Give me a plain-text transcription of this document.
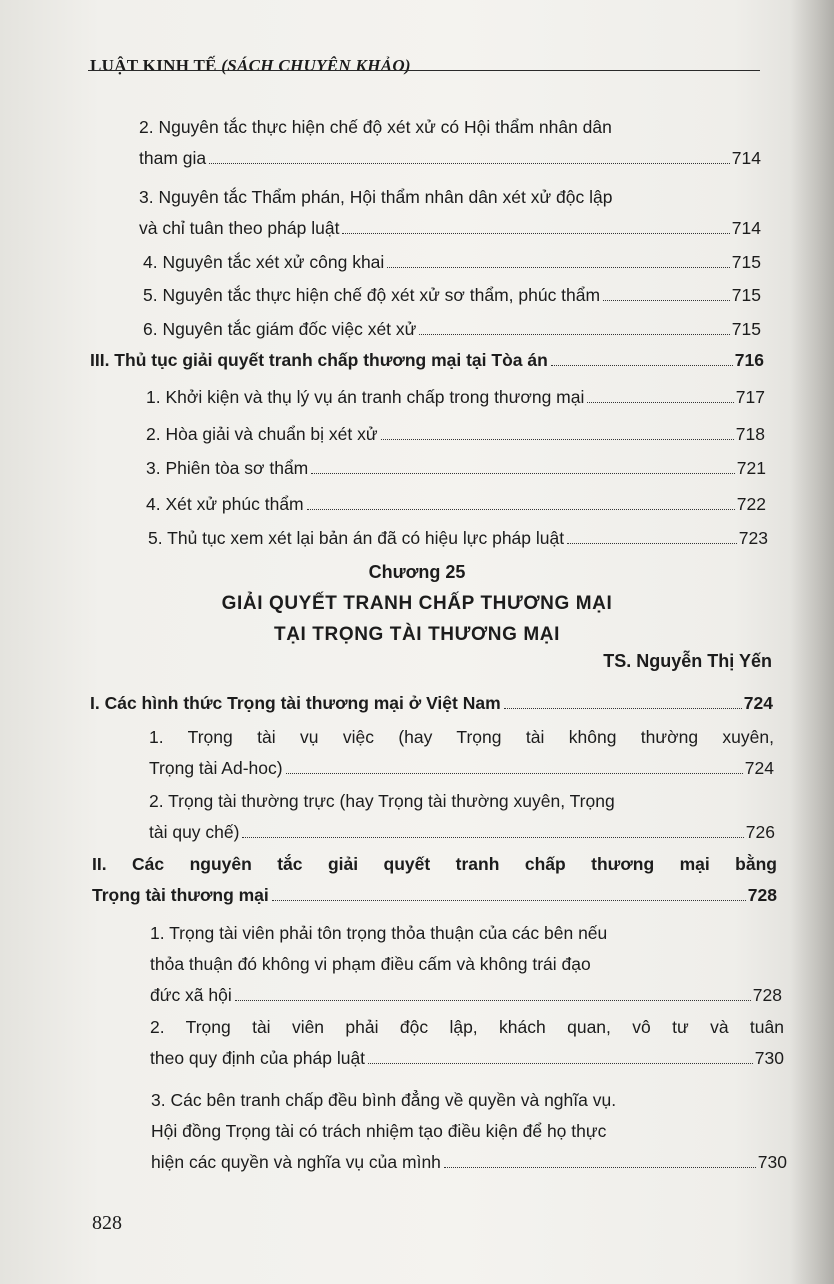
LUẬT KINH TẾ (SÁCH CHUYÊN KHẢO)
2. Nguyên tắc thực hiện chế độ xét xử có Hội thẩm nhân dân
tham gia	714
3. Nguyên tắc Thẩm phán, Hội thẩm nhân dân xét xử độc lập
và chỉ tuân theo pháp luật	714
4. Nguyên tắc xét xử công khai	715
5. Nguyên tắc thực hiện chế độ xét xử sơ thẩm, phúc thẩm	715
6. Nguyên tắc giám đốc việc xét xử	715
III. Thủ tục giải quyết tranh chấp thương mại tại Tòa án	716
1. Khởi kiện và thụ lý vụ án tranh chấp trong thương mại	717
2. Hòa giải và chuẩn bị xét xử	718
3. Phiên tòa sơ thẩm	721
4. Xét xử phúc thẩm	722
5. Thủ tục xem xét lại bản án đã có hiệu lực pháp luật	723
Chương 25
GIẢI QUYẾT TRANH CHẤP THƯƠNG MẠI
TẠI TRỌNG TÀI THƯƠNG MẠI
TS. Nguyễn Thị Yến
I. Các hình thức Trọng tài thương mại ở Việt Nam	724
1. Trọng tài vụ việc (hay Trọng tài không thường xuyên,
Trọng tài Ad-hoc)	724
2. Trọng tài thường trực (hay Trọng tài thường xuyên, Trọng
tài quy chế)	726
II. Các nguyên tắc giải quyết tranh chấp thương mại bằng
Trọng tài thương mại	728
1. Trọng tài viên phải tôn trọng thỏa thuận của các bên nếu
thỏa thuận đó không vi phạm điều cấm và không trái đạo
đức xã hội	728
2. Trọng tài viên phải độc lập, khách quan, vô tư và tuân
theo quy định của pháp luật	730
3. Các bên tranh chấp đều bình đẳng về quyền và nghĩa vụ.
Hội đồng Trọng tài có trách nhiệm tạo điều kiện để họ thực
hiện các quyền và nghĩa vụ của mình	730
828
